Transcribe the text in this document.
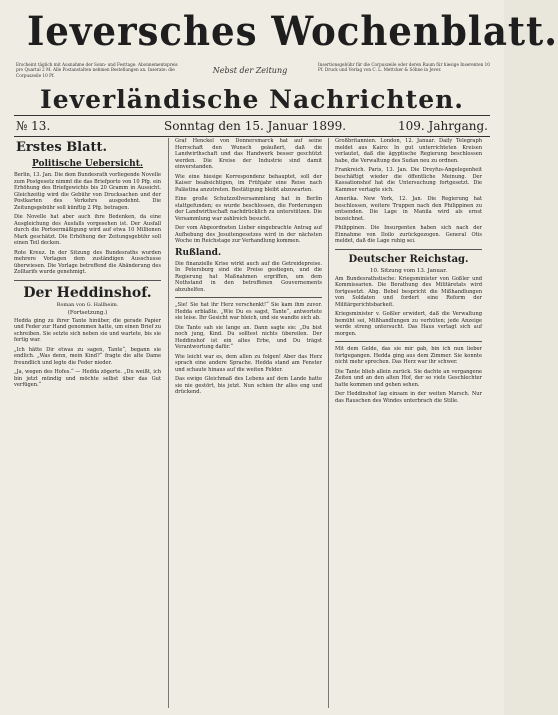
Ieversches Wochenblatt.
Erscheint täglich mit Ausnahme der Sonn- und Festtage. Abonnementspreis pro Quartal 2 M. Alle Postanstalten nehmen Bestellungen an. Inserate: die Corpuszeile 10 Pf.
Nebst der Zeitung
Insertionsgebühr für die Corpuszeile oder deren Raum für hiesige Inserenten 10 Pf. Druck und Verlag von C. L. Mettcker & Söhne in Jever.
Ieverländische Nachrichten.
№ 13.	Sonntag den 15. Januar 1899.	109. Jahrgang.
Erstes Blatt.
Politische Uebersicht.

Berlin, 13. Jan. Die dem Bundesrath vorliegende Novelle zum Postgesetz nimmt die das Briefporto von 10 Pfg. ein Erhöhung des Briefgewichts bis 20 Gramm in Aussicht. Gleichzeitig wird die Gebühr von Drucksachen und der Postkarten des Verkehrs ausgedehnt. Die Zeitungsgebühr soll künftig 2 Pfg. betragen.

Die Novelle hat aber auch ihre Bedenken, da eine Ausgleichung des Ausfalls vorgesehen ist. Der Ausfall durch die Portoermäßigung wird auf etwa 10 Millionen Mark geschätzt. Die Erhöhung der Zeitungsgebühr soll einen Teil decken.

Rote Kreuz. In der Sitzung des Bundesraths wurden mehrere Vorlagen dem zuständigen Ausschusse überwiesen. Die Vorlage betreffend die Abänderung des Zolltarifs wurde genehmigt.

Der Heddinshof.
Roman von G. Hallheim.
(Fortsetzung.)

Hedda ging zu ihrer Tante hinüber, die gerade Papier und Feder zur Hand genommen hatte, um einen Brief zu schreiben. Sie setzte sich neben sie und wartete, bis sie fertig war.

„Ich hätte Dir etwas zu sagen, Tante“, begann sie endlich. „Was denn, mein Kind?“ fragte die alte Dame freundlich und legte die Feder nieder.

„Ja, wegen des Hofes.“ — Hedda zögerte. „Du weißt, ich bin jetzt mündig und möchte selbst über das Gut verfügen.“

Graf Henckel von Donnersmarck hat auf seine Herrschaft den Wunsch geäußert, daß die Landwirthschaft und das Handwerk besser geschützt werden. Die Kreise der Industrie sind damit einverstanden.

Wie eine hiesige Korrespondenz behauptet, soll der Kaiser beabsichtigen, im Frühjahr eine Reise nach Palästina anzutreten. Bestätigung bleibt abzuwarten.

Eine große Schutzzollversammlung hat in Berlin stattgefunden; es wurde beschlossen, die Forderungen der Landwirthschaft nachdrücklich zu unterstützen. Die Versammlung war zahlreich besucht.

Der vom Abgeordneten Lieber eingebrachte Antrag auf Aufhebung des Jesuitengesetzes wird in der nächsten Woche im Reichstage zur Verhandlung kommen.

Rußland.

Die finanzielle Krise wirkt auch auf die Getreidepreise. In Petersburg sind die Preise gestiegen, und die Regierung hat Maßnahmen ergriffen, um dem Nothstand in den betroffenen Gouvernements abzuhelfen.

„Sie! Sie hat ihr Herz verschenkt!“ Sie kam ihm zuvor. Hedda erblaßte. „Wie Du es sagst, Tante“, antwortete sie leise. Ihr Gesicht war bleich, und sie wandte sich ab.

Die Tante sah sie lange an. Dann sagte sie: „Du bist noch jung, Kind. Du solltest nichts übereilen. Der Heddinshof ist ein altes Erbe, und Du trägst Verantwortung dafür.“

Wie leicht war es, dem allen zu folgen! Aber das Herz sprach eine andere Sprache. Hedda stand am Fenster und schaute hinaus auf die weiten Felder.

Das ewige Gleichmaß des Lebens auf dem Lande hatte sie nie gestört, bis jetzt. Nun schien ihr alles eng und drückend.

Großbritannien. London, 12. Januar. Daily Telegraph meldet aus Kairo: In gut unterrichteten Kreisen verlautet, daß die ägyptische Regierung beschlossen habe, die Verwaltung des Sudan neu zu ordnen.

Frankreich. Paris, 13. Jan. Die Dreyfus-Angelegenheit beschäftigt wieder die öffentliche Meinung. Der Kassationshof hat die Untersuchung fortgesetzt. Die Kammer vertagte sich.

Amerika. New York, 12. Jan. Die Regierung hat beschlossen, weitere Truppen nach den Philippinen zu entsenden. Die Lage in Manila wird als ernst bezeichnet.

Philippinen. Die Insurgenten haben sich nach der Einnahme von Iloilo zurückgezogen. General Otis meldet, daß die Lage ruhig sei.

Deutscher Reichstag.
10. Sitzung vom 13. Januar.

Am Bundesrathstische: Kriegsminister von Goßler und Kommissarien. Die Berathung des Militäretats wird fortgesetzt. Abg. Bebel bespricht die Mißhandlungen von Soldaten und fordert eine Reform der Militärgerichtsbarkeit.

Kriegsminister v. Goßler erwidert, daß die Verwaltung bemüht sei, Mißhandlungen zu verhüten; jede Anzeige werde streng untersucht. Das Haus vertagt sich auf morgen.

Mit dem Gelde, das sie mir gab, bin ich nun lieber fortgegangen. Hedda ging aus dem Zimmer. Sie konnte nicht mehr sprechen. Das Herz war ihr schwer.

Die Tante blieb allein zurück. Sie dachte an vergangene Zeiten und an den alten Hof, der so viele Geschlechter hatte kommen und gehen sehen.

Der Heddinshof lag einsam in der weiten Marsch. Nur das Rauschen des Windes unterbrach die Stille.
